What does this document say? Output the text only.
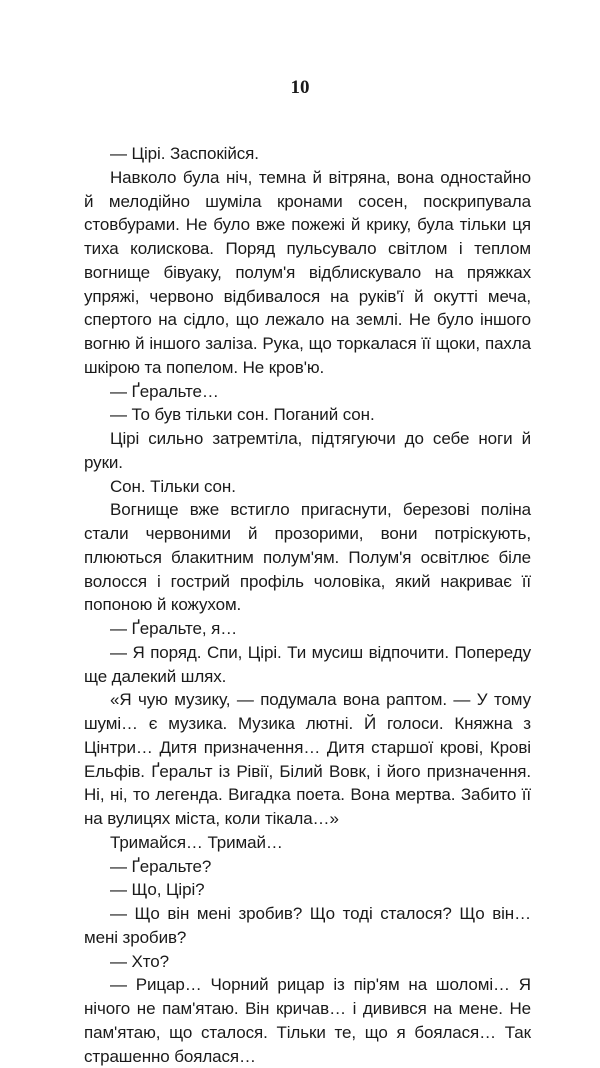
10

— Цірі. Заспокійся.

Навколо була ніч, темна й вітряна, вона одностайно й мелодійно шуміла кронами сосен, поскрипувала стовбурами. Не було вже пожежі й крику, була тільки ця тиха колискова. Поряд пульсувало світлом і теплом вогнище бівуаку, полум'я відблискувало на пряжках упряжі, червоно відбивалося на руків'ї й окутті меча, спертого на сідло, що лежало на землі. Не було іншого вогню й іншого заліза. Рука, що торкалася її щоки, пахла шкірою та попелом. Не кров'ю.

— Ґеральте…

— То був тільки сон. Поганий сон.

Цірі сильно затремтіла, підтягуючи до себе ноги й руки.

Сон. Тільки сон.

Вогнище вже встигло пригаснути, березові поліна стали червоними й прозорими, вони потріскують, плюються блакитним полум'ям. Полум'я освітлює біле волосся і гострий профіль чоловіка, який накриває її попоною й кожухом.

— Ґеральте, я…

— Я поряд. Спи, Цірі. Ти мусиш відпочити. Попереду ще далекий шлях.

«Я чую музику, — подумала вона раптом. — У тому шумі… є музика. Музика лютні. Й голоси. Княжна з Цінтри… Дитя призначення… Дитя старшої крові, Крові Ельфів. Ґеральт із Рівії, Білий Вовк, і його призначення. Ні, ні, то легенда. Вигадка поета. Вона мертва. Забито її на вулицях міста, коли тікала…»

Тримайся… Тримай…

— Ґеральте?

— Що, Цірі?

— Що він мені зробив? Що тоді сталося? Що він… мені зробив?

— Хто?

— Рицар… Чорний рицар із пір'ям на шоломі… Я нічого не пам'ятаю. Він кричав… і дивився на мене. Не пам'ятаю, що сталося. Тільки те, що я боялася… Так страшенно боялася…
